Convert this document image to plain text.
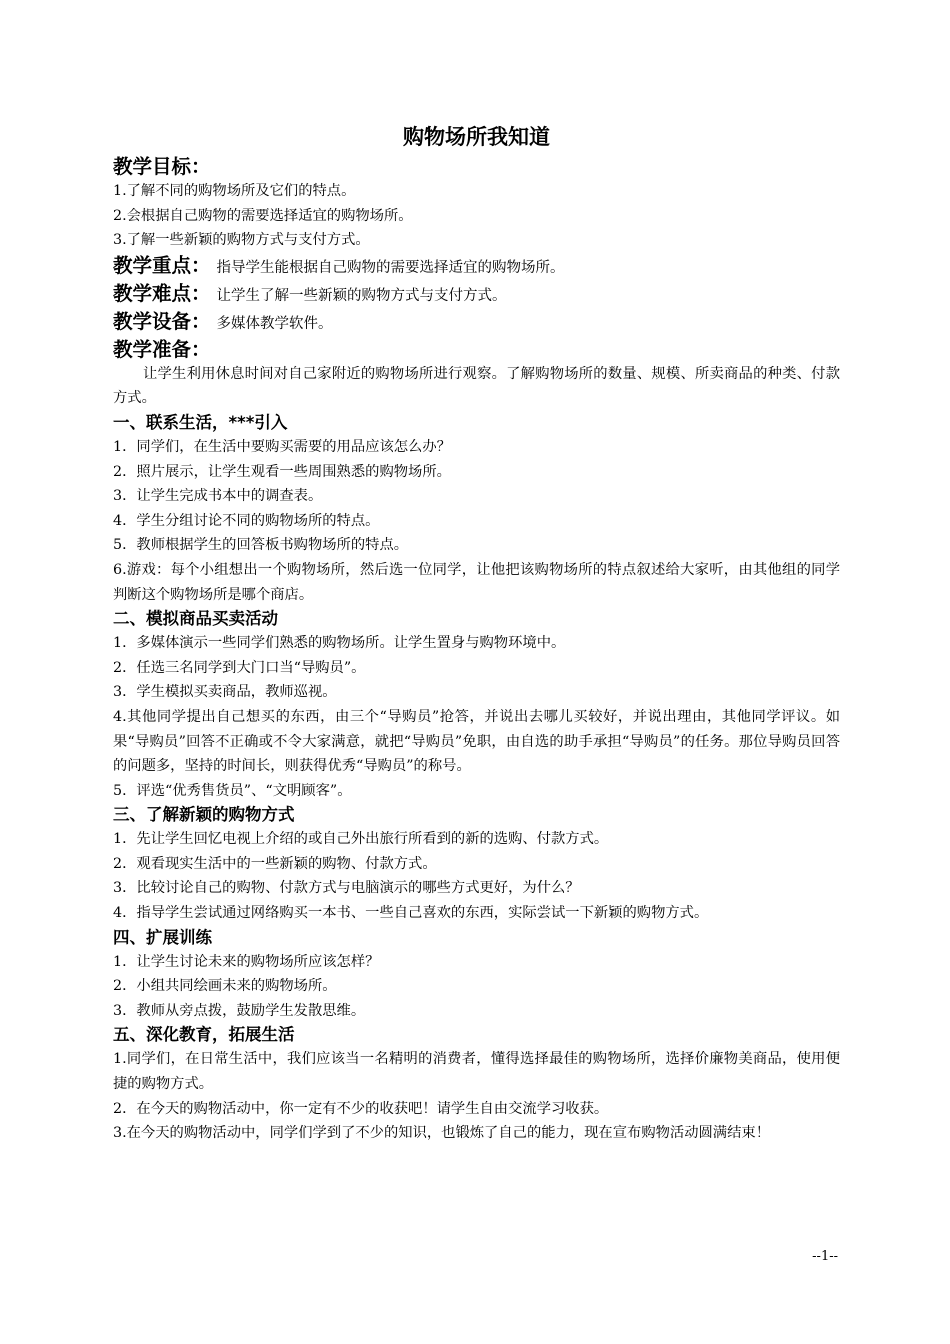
购物场所我知道
教学目标：

1.了解不同的购物场所及它们的特点。

2.会根据自己购物的需要选择适宜的购物场所。

3.了解一些新颖的购物方式与支付方式。

教学重点： 指导学生能根据自己购物的需要选择适宜的购物场所。
教学难点： 让学生了解一些新颖的购物方式与支付方式。
教学设备： 多媒体教学软件。
教学准备：

让学生利用休息时间对自己家附近的购物场所进行观察。了解购物场所的数量、规模、所卖商品的种类、付款方式。

一、联系生活，***引入

1．同学们，在生活中要购买需要的用品应该怎么办？

2．照片展示，让学生观看一些周围熟悉的购物场所。

3．让学生完成书本中的调查表。

4．学生分组讨论不同的购物场所的特点。

5．教师根据学生的回答板书购物场所的特点。

6.游戏：每个小组想出一个购物场所，然后选一位同学，让他把该购物场所的特点叙述给大家听，由其他组的同学判断这个购物场所是哪个商店。

二、模拟商品买卖活动

1．多媒体演示一些同学们熟悉的购物场所。让学生置身与购物环境中。

2．任选三名同学到大门口当“导购员”。

3．学生模拟买卖商品，教师巡视。

4.其他同学提出自己想买的东西，由三个“导购员”抢答，并说出去哪儿买较好，并说出理由，其他同学评议。如果“导购员”回答不正确或不令大家满意，就把“导购员”免职，由自选的助手承担“导购员”的任务。那位导购员回答的问题多，坚持的时间长，则获得优秀“导购员”的称号。

5．评选“优秀售货员”、“文明顾客”。

三、了解新颖的购物方式

1．先让学生回忆电视上介绍的或自己外出旅行所看到的新的选购、付款方式。

2．观看现实生活中的一些新颖的购物、付款方式。

3．比较讨论自己的购物、付款方式与电脑演示的哪些方式更好，为什么？

4．指导学生尝试通过网络购买一本书、一些自己喜欢的东西，实际尝试一下新颖的购物方式。

四、扩展训练

1．让学生讨论未来的购物场所应该怎样？

2．小组共同绘画未来的购物场所。

3．教师从旁点拨，鼓励学生发散思维。

五、深化教育，拓展生活

1.同学们，在日常生活中，我们应该当一名精明的消费者，懂得选择最佳的购物场所，选择价廉物美商品，使用便捷的购物方式。

2．在今天的购物活动中，你一定有不少的收获吧！请学生自由交流学习收获。

3.在今天的购物活动中，同学们学到了不少的知识，也锻炼了自己的能力，现在宣布购物活动圆满结束！

--1--
